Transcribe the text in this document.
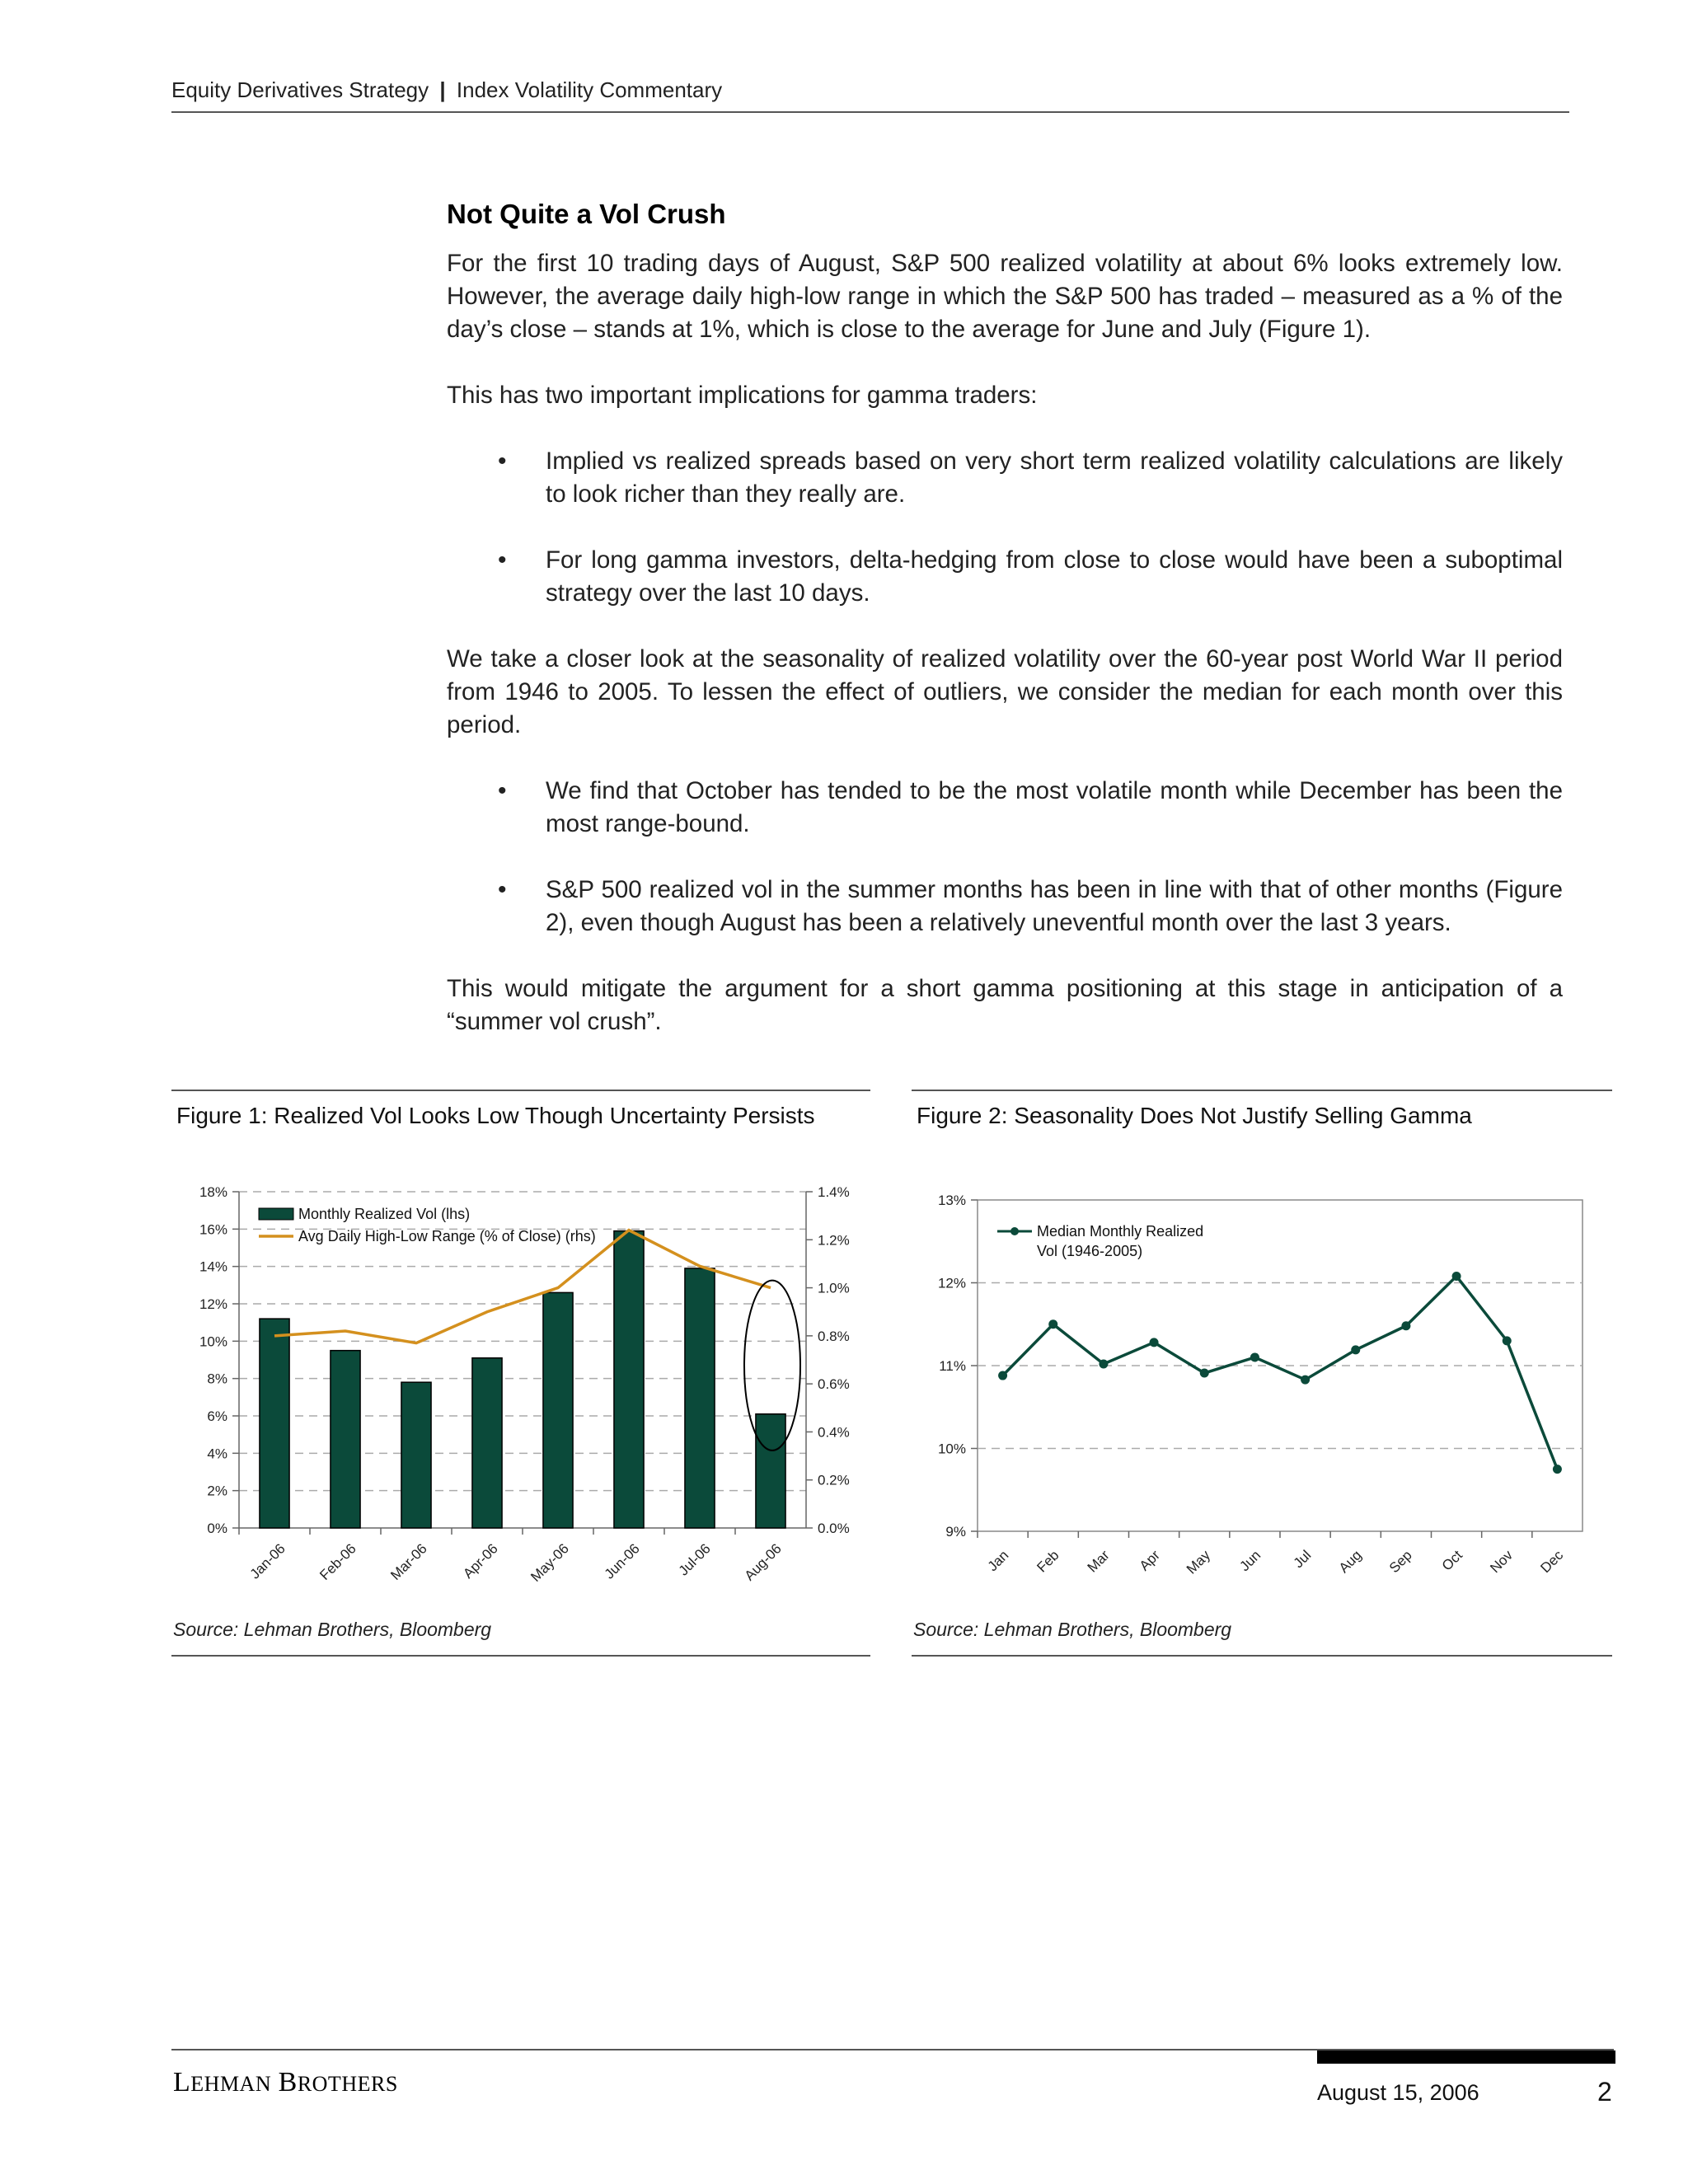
Equity Derivatives Strategy | Index Volatility Commentary
Not Quite a Vol Crush

For the first 10 trading days of August, S&P 500 realized volatility at about 6% looks extremely low. However, the average daily high-low range in which the S&P 500 has traded – measured as a % of the day’s close – stands at 1%, which is close to the average for June and July (Figure 1).

This has two important implications for gamma traders:

• Implied vs realized spreads based on very short term realized volatility calculations are likely to look richer than they really are.
• For long gamma investors, delta-hedging from close to close would have been a suboptimal strategy over the last 10 days.

We take a closer look at the seasonality of realized volatility over the 60-year post World War II period from 1946 to 2005. To lessen the effect of outliers, we consider the median for each month over this period.

• We find that October has tended to be the most volatile month while December has been the most range-bound.
• S&P 500 realized vol in the summer months has been in line with that of other months (Figure 2), even though August has been a relatively uneventful month over the last 3 years.

This would mitigate the argument for a short gamma positioning at this stage in anticipation of a “summer vol crush”.

Figure 1: Realized Vol Looks Low Though Uncertainty Persists
0%
2%
4%
6%
8%
10%
12%
14%
16%
18%
0.0%
0.2%
0.4%
0.6%
0.8%
1.0%
1.2%
1.4%
Jan-06 Feb-06 Mar-06 Apr-06 May-06 Jun-06 Jul-06 Aug-06
Monthly Realized Vol (lhs)
Avg Daily High-Low Range (% of Close) (rhs)
Source: Lehman Brothers, Bloomberg
Figure 2: Seasonality Does Not Justify Selling Gamma
9%
10%
11%
12%
13%
Jan Feb Mar Apr May Jun Jul Aug Sep Oct Nov Dec
Median Monthly Realized
Vol (1946-2005)
Source: Lehman Brothers, Bloomberg
LEHMAN BROTHERS	August 15, 2006	2
